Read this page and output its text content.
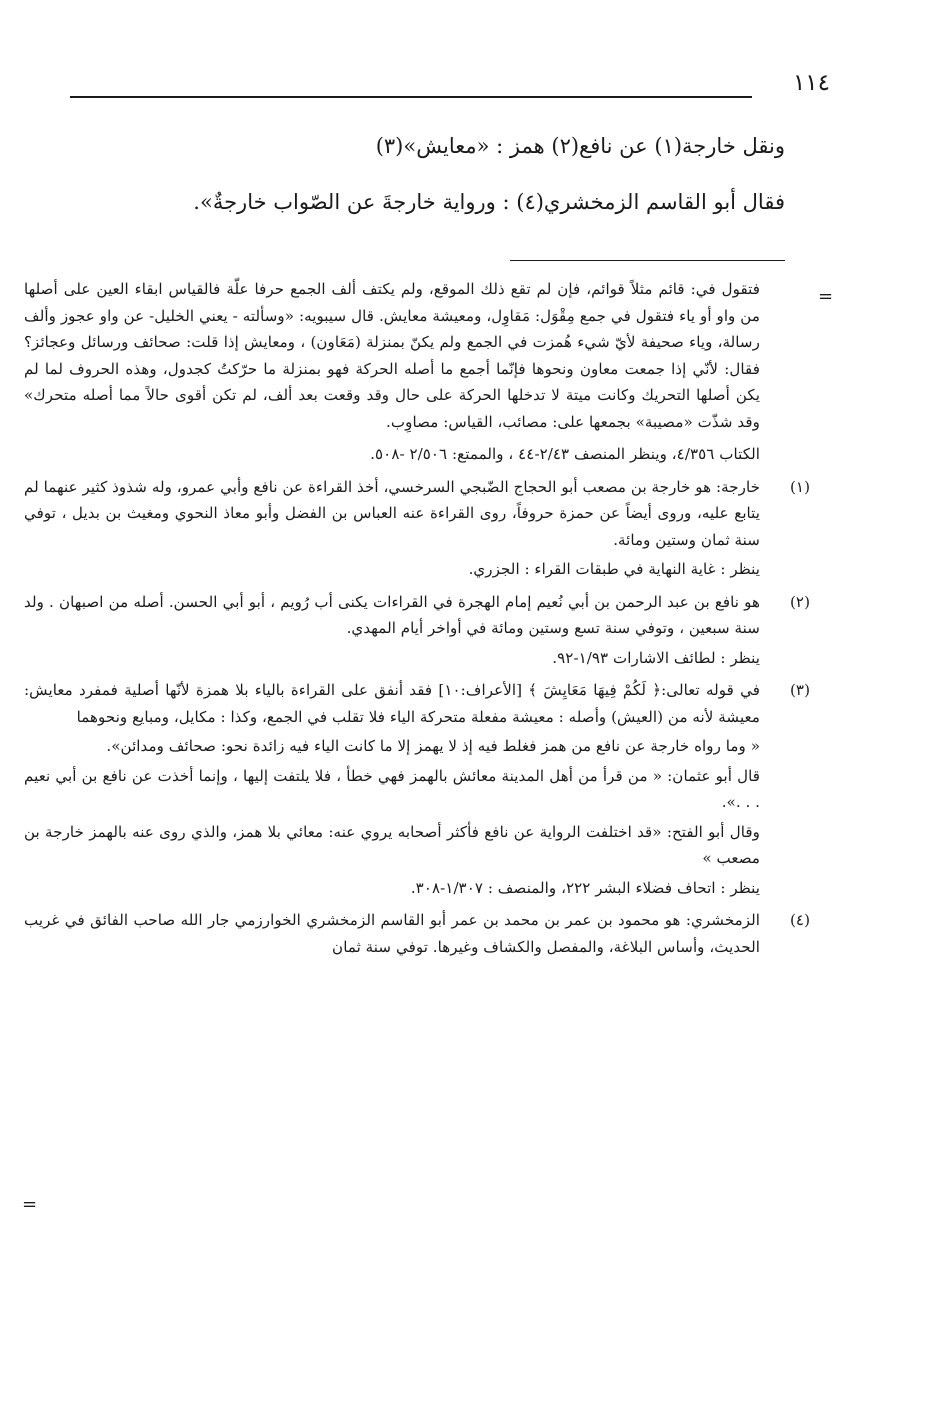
١١٤

ونقل خارجة(١) عن نافع(٢) همز : «معايش»(٣)

فقال أبو القاسم الزمخشري(٤) : ورواية خارجةَ عن الصّواب خارجةٌ».

=

فتقول في: قائم مثلاً قوائم، فإن لم تقع ذلك الموقع، ولم يكتف ألف الجمع حرفا علّة فالقياس ابقاء العين على أصلها من واو أو ياء فتقول في جمع مِقْوَل: مَقاوِل، ومعيشة معايش. قال سيبويه: «وسألته - يعني الخليل- عن واو عجوز وألف رسالة، وياء صحيفة لأيّ شيء هُمزت في الجمع ولم يكنّ بمنزلة (مَعَاون) ، ومعايش إذا قلت: صحائف ورسائل وعجائز؟ فقال: لأنّي إذا جمعت معاون ونحوها فإنّما أجمع ما أصله الحركة فهو بمنزلة ما حرّكتُ كجدول، وهذه الحروف لما لم يكن أصلها التحريك وكانت ميتة لا تدخلها الحركة على حال وقد وقعت بعد ألف، لم تكن أقوى حالاً مما أصله متحرك» وقد شذّت «مصيبة» بجمعها على: مصائب، القياس: مصاوِب.

الكتاب ٤/٣٥٦، وينظر المنصف ٢/٤٣-٤٤ ، والممتع: ٢/٥٠٦ -٥٠٨.

(١)

خارجة: هو خارجة بن مصعب أبو الحجاج الضّبجي السرخسي، أخذ القراءة عن نافع وأبي عمرو، وله شذوذ كثير عنهما لم يتابع عليه، وروى أيضاً عن حمزة حروفاً، روى القراءة عنه العباس بن الفضل وأبو معاذ النحوي ومغيث بن بديل ، توفي سنة ثمان وستين ومائة.

ينظر : غاية النهاية في طبقات القراء : الجزري.

(٢)

هو نافع بن عبد الرحمن بن أبي نُعيم إمام الهجرة في القراءات يكنى أب رُويم ، أبو أبي الحسن. أصله من اصبهان . ولد سنة سبعين ، وتوفي سنة تسع وستين ومائة في أواخر أيام المهدي.

ينظر : لطائف الاشارات ١/٩٣-٩٢.

(٣)

في قوله تعالى:﴿ لَكُمْ فِيهَا مَعَايِشَ ﴾ [الأعراف:١٠] فقد أنفق على القراءة بالياء بلا همزة لأنّها أصلية فمفرد معايش: معيشة لأنه من (العيش) وأصله : معيشة مفعلة متحركة الياء فلا تقلب في الجمع، وكذا : مكايل، ومبايع ونحوهما

« وما رواه خارجة عن نافع من همز فغلط فيه إذ لا يهمز إلا ما كانت الياء فيه زائدة نحو: صحائف ومدائن».

قال أبو عثمان: « من قرأ من أهل المدينة معائش بالهمز فهي خطأ ، فلا يلتفت إليها ، وإنما أخذت عن نافع بن أبي نعيم . . .».

وقال أبو الفتح: «قد اختلفت الرواية عن نافع فأكثر أصحابه يروي عنه: معائي بلا همز، والذي روى عنه بالهمز خارجة بن مصعب »

ينظر : اتحاف فضلاء البشر ٢٢٢، والمنصف : ١/٣٠٧-٣٠٨.

(٤)

الزمخشري: هو محمود بن عمر بن محمد بن عمر أبو القاسم الزمخشري الخوارزمي جار الله صاحب الفائق في غريب الحديث، وأساس البلاغة، والمفصل والكشاف وغيرها. توفي سنة ثمان

=
